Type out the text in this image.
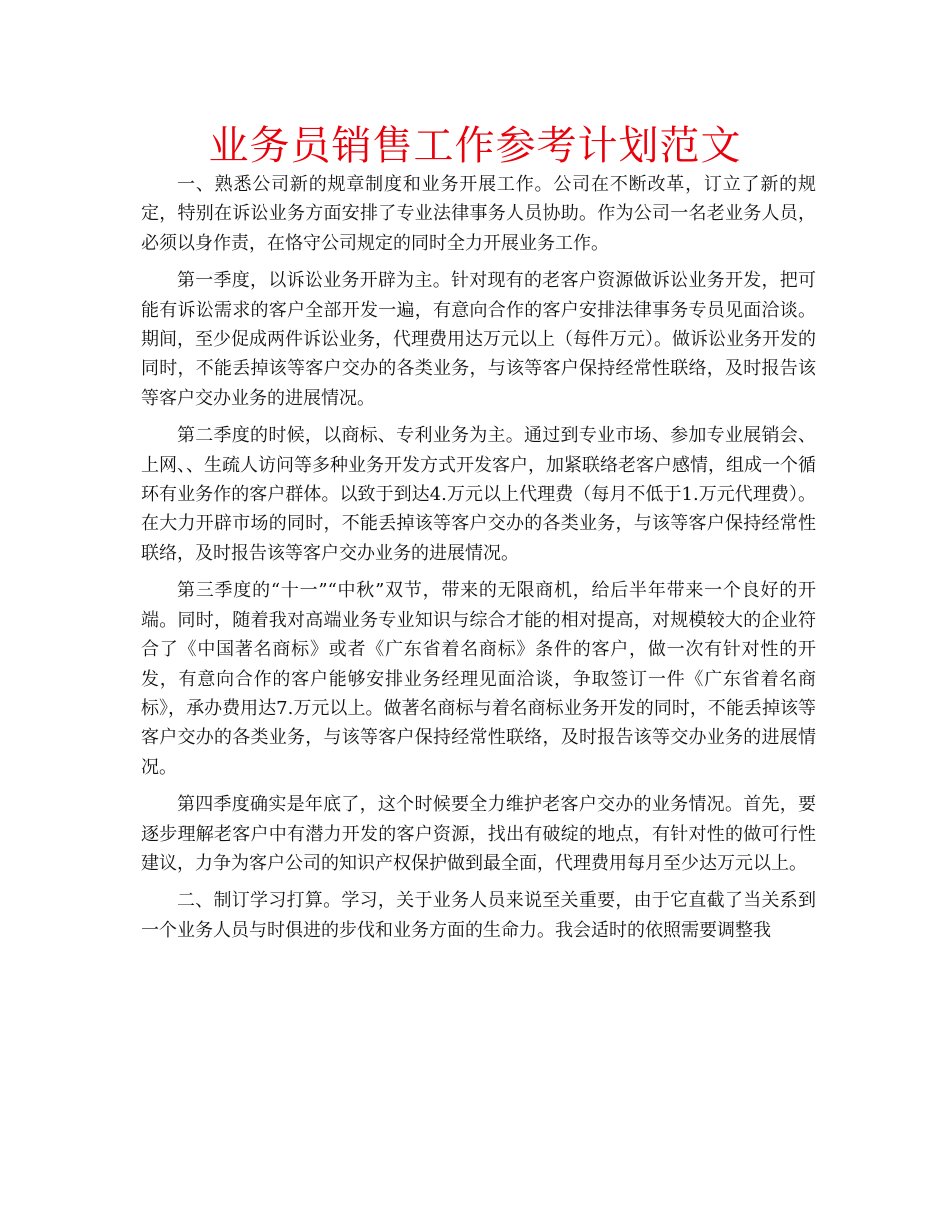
业务员销售工作参考计划范文

一、熟悉公司新的规章制度和业务开展工作。公司在不断改革，订立了新的规定，特别在诉讼业务方面安排了专业法律事务人员协助。作为公司一名老业务人员，必须以身作责，在恪守公司规定的同时全力开展业务工作。

第一季度，以诉讼业务开辟为主。针对现有的老客户资源做诉讼业务开发，把可能有诉讼需求的客户全部开发一遍，有意向合作的客户安排法律事务专员见面洽谈。期间，至少促成两件诉讼业务，代理费用达万元以上（每件万元）。做诉讼业务开发的同时，不能丢掉该等客户交办的各类业务，与该等客户保持经常性联络，及时报告该等客户交办业务的进展情况。

第二季度的时候，以商标、专利业务为主。通过到专业市场、参加专业展销会、上网、、生疏人访问等多种业务开发方式开发客户，加紧联络老客户感情，组成一个循环有业务作的客户群体。以致于到达4.万元以上代理费（每月不低于1.万元代理费）。在大力开辟市场的同时，不能丢掉该等客户交办的各类业务，与该等客户保持经常性联络，及时报告该等客户交办业务的进展情况。

第三季度的“十一”“中秋”双节，带来的无限商机，给后半年带来一个良好的开端。同时，随着我对高端业务专业知识与综合才能的相对提高，对规模较大的企业符合了《中国著名商标》或者《广东省着名商标》条件的客户，做一次有针对性的开发，有意向合作的客户能够安排业务经理见面洽谈，争取签订一件《广东省着名商标》，承办费用达7.万元以上。做著名商标与着名商标业务开发的同时，不能丢掉该等客户交办的各类业务，与该等客户保持经常性联络，及时报告该等交办业务的进展情况。

第四季度确实是年底了，这个时候要全力维护老客户交办的业务情况。首先，要逐步理解老客户中有潜力开发的客户资源，找出有破绽的地点，有针对性的做可行性建议，力争为客户公司的知识产权保护做到最全面，代理费用每月至少达万元以上。

二、制订学习打算。学习，关于业务人员来说至关重要，由于它直截了当关系到一个业务人员与时俱进的步伐和业务方面的生命力。我会适时的依照需要调整我
